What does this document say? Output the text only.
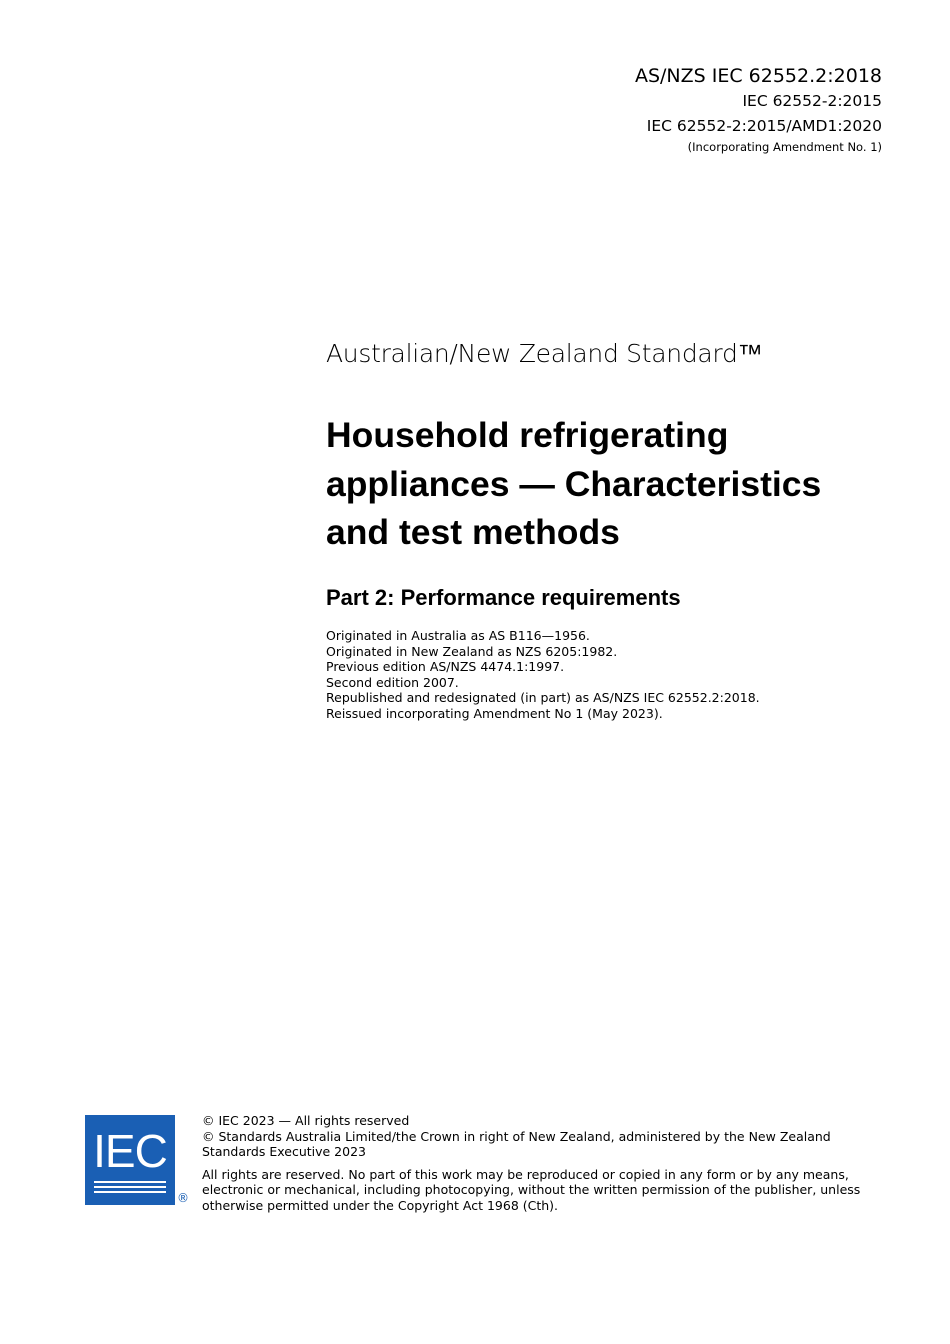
AS/NZS IEC 62552.2:2018
IEC 62552-2:2015
IEC 62552-2:2015/AMD1:2020
(Incorporating Amendment No. 1)
Australian/New Zealand Standard™
Household refrigerating
appliances — Characteristics
and test methods
Part 2: Performance requirements
Originated in Australia as AS B116—1956.
Originated in New Zealand as NZS 6205:1982.
Previous edition AS/NZS 4474.1:1997.
Second edition 2007.
Republished and redesignated (in part) as AS/NZS IEC 62552.2:2018.
Reissued incorporating Amendment No 1 (May 2023).
IEC
®
© IEC 2023 — All rights reserved
© Standards Australia Limited/the Crown in right of New Zealand, administered by the New Zealand Standards Executive 2023
All rights are reserved. No part of this work may be reproduced or copied in any form or by any means, electronic or mechanical, including photocopying, without the written permission of the publisher, unless otherwise permitted under the Copyright Act 1968 (Cth).
